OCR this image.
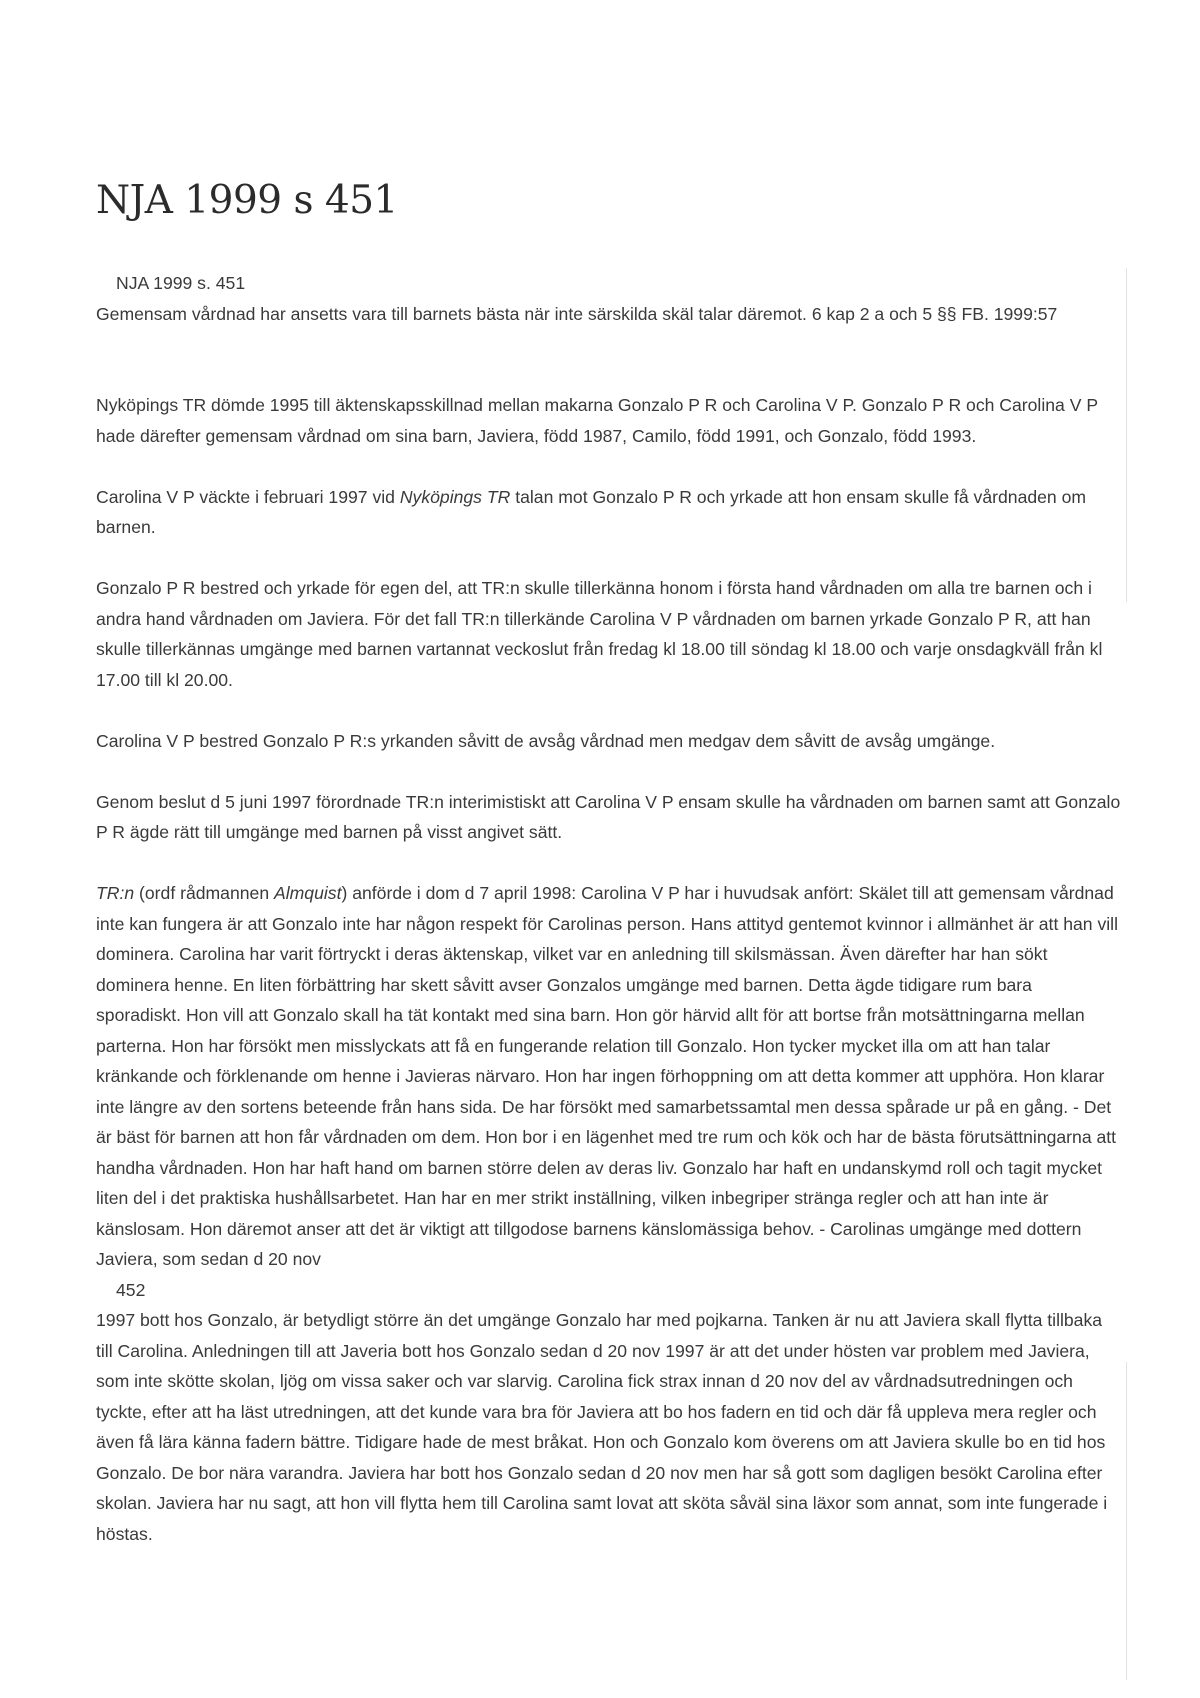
NJA 1999 s 451

NJA 1999 s. 451

Gemensam vårdnad har ansetts vara till barnets bästa när inte särskilda skäl talar däremot. 6 kap 2 a och 5 §§ FB. 1999:57

Nyköpings TR dömde 1995 till äktenskapsskillnad mellan makarna Gonzalo P R och Carolina V P. Gonzalo P R och Carolina V P hade därefter gemensam vårdnad om sina barn, Javiera, född 1987, Camilo, född 1991, och Gonzalo, född 1993.

Carolina V P väckte i februari 1997 vid Nyköpings TR talan mot Gonzalo P R och yrkade att hon ensam skulle få vårdnaden om barnen.

Gonzalo P R bestred och yrkade för egen del, att TR:n skulle tillerkänna honom i första hand vårdnaden om alla tre barnen och i andra hand vårdnaden om Javiera. För det fall TR:n tillerkände Carolina V P vårdnaden om barnen yrkade Gonzalo P R, att han skulle tillerkännas umgänge med barnen vartannat veckoslut från fredag kl 18.00 till söndag kl 18.00 och varje onsdagkväll från kl 17.00 till kl 20.00.

Carolina V P bestred Gonzalo P R:s yrkanden såvitt de avsåg vårdnad men medgav dem såvitt de avsåg umgänge.

Genom beslut d 5 juni 1997 förordnade TR:n interimistiskt att Carolina V P ensam skulle ha vårdnaden om barnen samt att Gonzalo P R ägde rätt till umgänge med barnen på visst angivet sätt.

TR:n (ordf rådmannen Almquist) anförde i dom d 7 april 1998: Carolina V P har i huvudsak anfört: Skälet till att gemensam vårdnad inte kan fungera är att Gonzalo inte har någon respekt för Carolinas person. Hans attityd gentemot kvinnor i allmänhet är att han vill dominera. Carolina har varit förtryckt i deras äktenskap, vilket var en anledning till skilsmässan. Även därefter har han sökt dominera henne. En liten förbättring har skett såvitt avser Gonzalos umgänge med barnen. Detta ägde tidigare rum bara sporadiskt. Hon vill att Gonzalo skall ha tät kontakt med sina barn. Hon gör härvid allt för att bortse från motsättningarna mellan parterna. Hon har försökt men misslyckats att få en fungerande relation till Gonzalo. Hon tycker mycket illa om att han talar kränkande och förklenande om henne i Javieras närvaro. Hon har ingen förhoppning om att detta kommer att upphöra. Hon klarar inte längre av den sortens beteende från hans sida. De har försökt med samarbetssamtal men dessa spårade ur på en gång. - Det är bäst för barnen att hon får vårdnaden om dem. Hon bor i en lägenhet med tre rum och kök och har de bästa förutsättningarna att handha vårdnaden. Hon har haft hand om barnen större delen av deras liv. Gonzalo har haft en undanskymd roll och tagit mycket liten del i det praktiska hushållsarbetet. Han har en mer strikt inställning, vilken inbegriper stränga regler och att han inte är känslosam. Hon däremot anser att det är viktigt att tillgodose barnens känslomässiga behov. - Carolinas umgänge med dottern Javiera, som sedan d 20 nov

452

1997 bott hos Gonzalo, är betydligt större än det umgänge Gonzalo har med pojkarna. Tanken är nu att Javiera skall flytta tillbaka till Carolina. Anledningen till att Javeria bott hos Gonzalo sedan d 20 nov 1997 är att det under hösten var problem med Javiera, som inte skötte skolan, ljög om vissa saker och var slarvig. Carolina fick strax innan d 20 nov del av vårdnadsutredningen och tyckte, efter att ha läst utredningen, att det kunde vara bra för Javiera att bo hos fadern en tid och där få uppleva mera regler och även få lära känna fadern bättre. Tidigare hade de mest bråkat. Hon och Gonzalo kom överens om att Javiera skulle bo en tid hos Gonzalo. De bor nära varandra. Javiera har bott hos Gonzalo sedan d 20 nov men har så gott som dagligen besökt Carolina efter skolan. Javiera har nu sagt, att hon vill flytta hem till Carolina samt lovat att sköta såväl sina läxor som annat, som inte fungerade i höstas.
